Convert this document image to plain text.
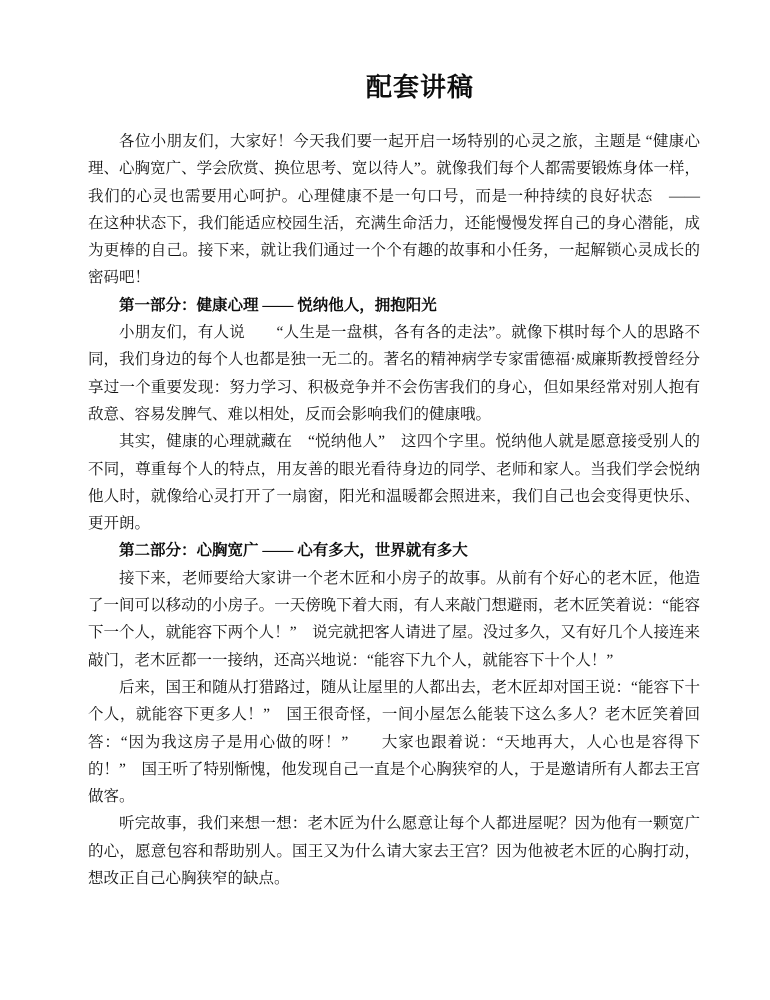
配套讲稿

各位小朋友们，大家好！今天我们要一起开启一场特别的心灵之旅，主题是 “健康心理、心胸宽广、学会欣赏、换位思考、宽以待人”。就像我们每个人都需要锻炼身体一样，我们的心灵也需要用心呵护。心理健康不是一句口号，而是一种持续的良好状态　——　在这种状态下，我们能适应校园生活，充满生命活力，还能慢慢发挥自己的身心潜能，成为更棒的自己。接下来，就让我们通过一个个有趣的故事和小任务，一起解锁心灵成长的密码吧！

第一部分：健康心理 —— 悦纳他人，拥抱阳光

小朋友们，有人说　　“人生是一盘棋，各有各的走法”。就像下棋时每个人的思路不同，我们身边的每个人也都是独一无二的。著名的精神病学专家雷德福·威廉斯教授曾经分享过一个重要发现：努力学习、积极竞争并不会伤害我们的身心，但如果经常对别人抱有敌意、容易发脾气、难以相处，反而会影响我们的健康哦。

其实，健康的心理就藏在　“悦纳他人”　这四个字里。悦纳他人就是愿意接受别人的不同，尊重每个人的特点，用友善的眼光看待身边的同学、老师和家人。当我们学会悦纳他人时，就像给心灵打开了一扇窗，阳光和温暖都会照进来，我们自己也会变得更快乐、更开朗。

第二部分：心胸宽广 —— 心有多大，世界就有多大

接下来，老师要给大家讲一个老木匠和小房子的故事。从前有个好心的老木匠，他造了一间可以移动的小房子。一天傍晚下着大雨，有人来敲门想避雨，老木匠笑着说：“能容下一个人，就能容下两个人！”　说完就把客人请进了屋。没过多久，又有好几个人接连来敲门，老木匠都一一接纳，还高兴地说：“能容下九个人，就能容下十个人！”

后来，国王和随从打猎路过，随从让屋里的人都出去，老木匠却对国王说：“能容下十个人，就能容下更多人！”　国王很奇怪，一间小屋怎么能装下这么多人？老木匠笑着回答：“因为我这房子是用心做的呀！”　　大家也跟着说：“天地再大，人心也是容得下的！”　国王听了特别惭愧，他发现自己一直是个心胸狭窄的人，于是邀请所有人都去王宫做客。

听完故事，我们来想一想：老木匠为什么愿意让每个人都进屋呢？因为他有一颗宽广的心，愿意包容和帮助别人。国王又为什么请大家去王宫？因为他被老木匠的心胸打动，想改正自己心胸狭窄的缺点。
